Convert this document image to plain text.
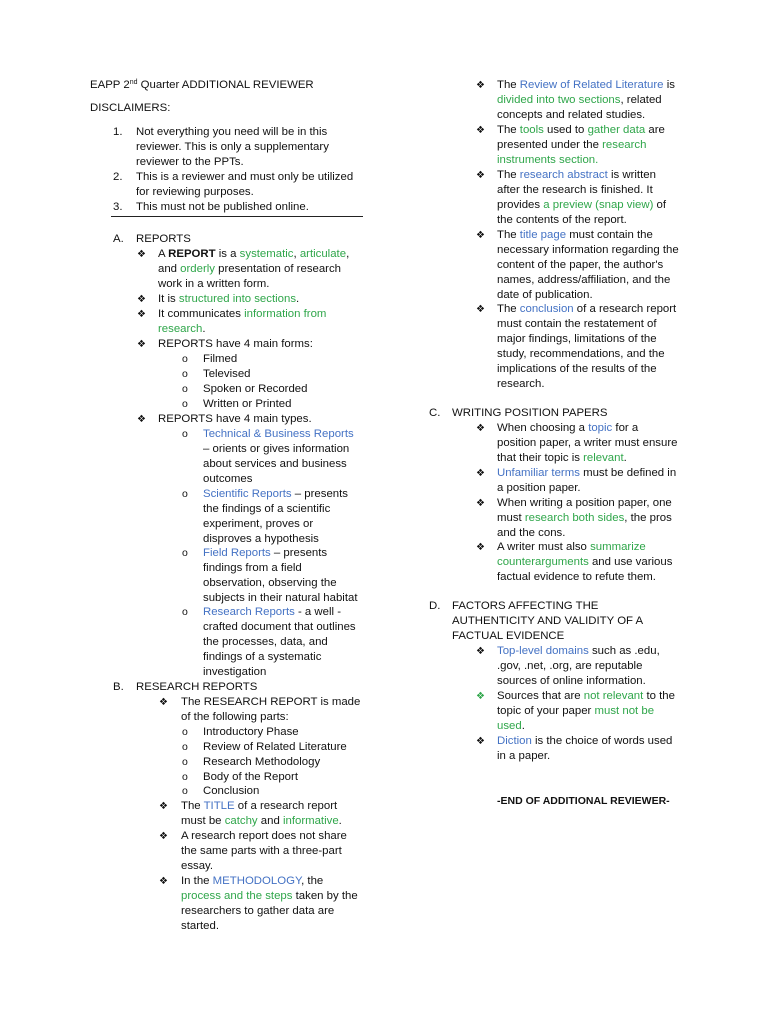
EAPP 2nd Quarter ADDITIONAL REVIEWER
DISCLAIMERS:
1. Not everything you need will be in this
reviewer. This is only a supplementary
reviewer to the PPTs.
2. This is a reviewer and must only be utilized
for reviewing purposes.
3. This must not be published online.
A. REPORTS
❖ A REPORT is a systematic, articulate,
and orderly presentation of research
work in a written form.
❖ It is structured into sections.
❖ It communicates information from
research.
❖ REPORTS have 4 main forms:
o Filmed
o Televised
o Spoken or Recorded
o Written or Printed
❖ REPORTS have 4 main types.
o Technical & Business Reports
– orients or gives information
about services and business
outcomes
o Scientific Reports – presents
the findings of a scientific
experiment, proves or
disproves a hypothesis
o Field Reports – presents
findings from a field
observation, observing the
subjects in their natural habitat
o Research Reports - a well -
crafted document that outlines
the processes, data, and
findings of a systematic
investigation
B. RESEARCH REPORTS
❖ The RESEARCH REPORT is made
of the following parts:
o Introductory Phase
o Review of Related Literature
o Research Methodology
o Body of the Report
o Conclusion
❖ The TITLE of a research report
must be catchy and informative.
❖ A research report does not share
the same parts with a three-part
essay.
❖ In the METHODOLOGY, the
process and the steps taken by the
researchers to gather data are
started.
❖ The Review of Related Literature is
divided into two sections, related
concepts and related studies.
❖ The tools used to gather data are
presented under the research
instruments section.
❖ The research abstract is written
after the research is finished. It
provides a preview (snap view) of
the contents of the report.
❖ The title page must contain the
necessary information regarding the
content of the paper, the author's
names, address/affiliation, and the
date of publication.
❖ The conclusion of a research report
must contain the restatement of
major findings, limitations of the
study, recommendations, and the
implications of the results of the
research.
C. WRITING POSITION PAPERS
❖ When choosing a topic for a
position paper, a writer must ensure
that their topic is relevant.
❖ Unfamiliar terms must be defined in
a position paper.
❖ When writing a position paper, one
must research both sides, the pros
and the cons.
❖ A writer must also summarize
counterarguments and use various
factual evidence to refute them.
D. FACTORS AFFECTING THE
AUTHENTICITY AND VALIDITY OF A
FACTUAL EVIDENCE
❖ Top-level domains such as .edu,
.gov, .net, .org, are reputable
sources of online information.
❖ Sources that are not relevant to the
topic of your paper must not be
used.
❖ Diction is the choice of words used
in a paper.
-END OF ADDITIONAL REVIEWER-
